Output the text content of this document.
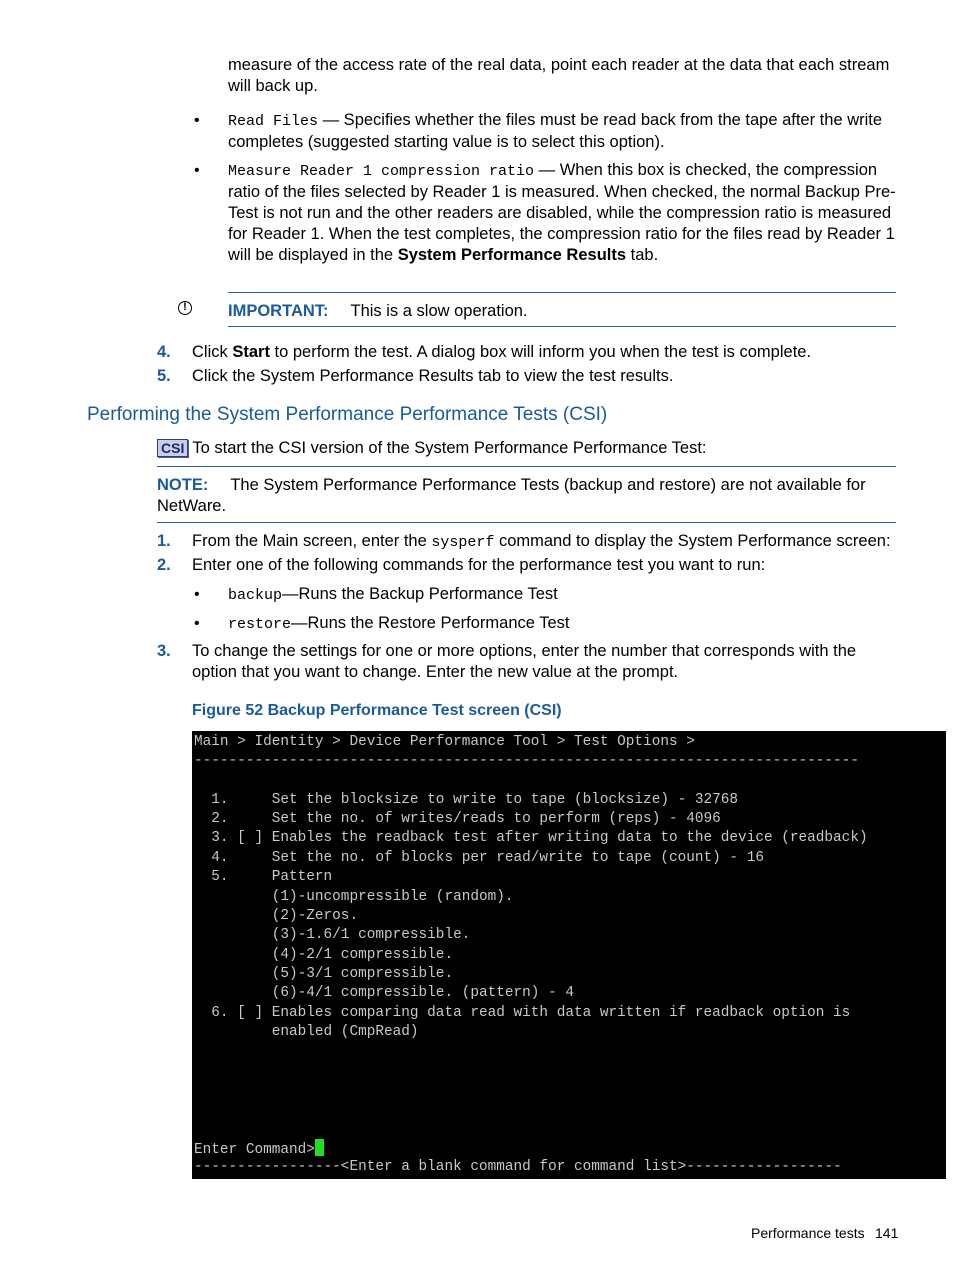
measure of the access rate of the real data, point each reader at the data that each stream will back up.
• Read Files — Specifies whether the files must be read back from the tape after the write completes (suggested starting value is to select this option).
• Measure Reader 1 compression ratio — When this box is checked, the compression ratio of the files selected by Reader 1 is measured. When checked, the normal Backup Pre-Test is not run and the other readers are disabled, while the compression ratio is measured for Reader 1. When the test completes, the compression ratio for the files read by Reader 1 will be displayed in the System Performance Results tab.
!	IMPORTANT: This is a slow operation.
4. Click Start to perform the test. A dialog box will inform you when the test is complete.
5. Click the System Performance Results tab to view the test results.
Performing the System Performance Performance Tests (CSI)
CSI To start the CSI version of the System Performance Performance Test:
NOTE: The System Performance Performance Tests (backup and restore) are not available for NetWare.
1. From the Main screen, enter the sysperf command to display the System Performance screen:
2. Enter one of the following commands for the performance test you want to run:
• backup—Runs the Backup Performance Test
• restore—Runs the Restore Performance Test
3. To change the settings for one or more options, enter the number that corresponds with the option that you want to change. Enter the new value at the prompt.
Figure 52 Backup Performance Test screen (CSI)

Main > Identity > Device Performance Tool > Test Options >

-----------------------------------------------------------------------------

1.     Set the blocksize to write to tape (blocksize) - 32768

2.     Set the no. of writes/reads to perform (reps) - 4096

3. [ ] Enables the readback test after writing data to the device (readback)

4.     Set the no. of blocks per read/write to tape (count) - 16

5.     Pattern

(1)-uncompressible (random).

(2)-Zeros.

(3)-1.6/1 compressible.

(4)-2/1 compressible.

(5)-3/1 compressible.

(6)-4/1 compressible. (pattern) - 4

6. [ ] Enables comparing data read with data written if readback option is

enabled (CmpRead)

Enter Command>

-----------------<Enter a blank command for command list>------------------

Performance tests 141
